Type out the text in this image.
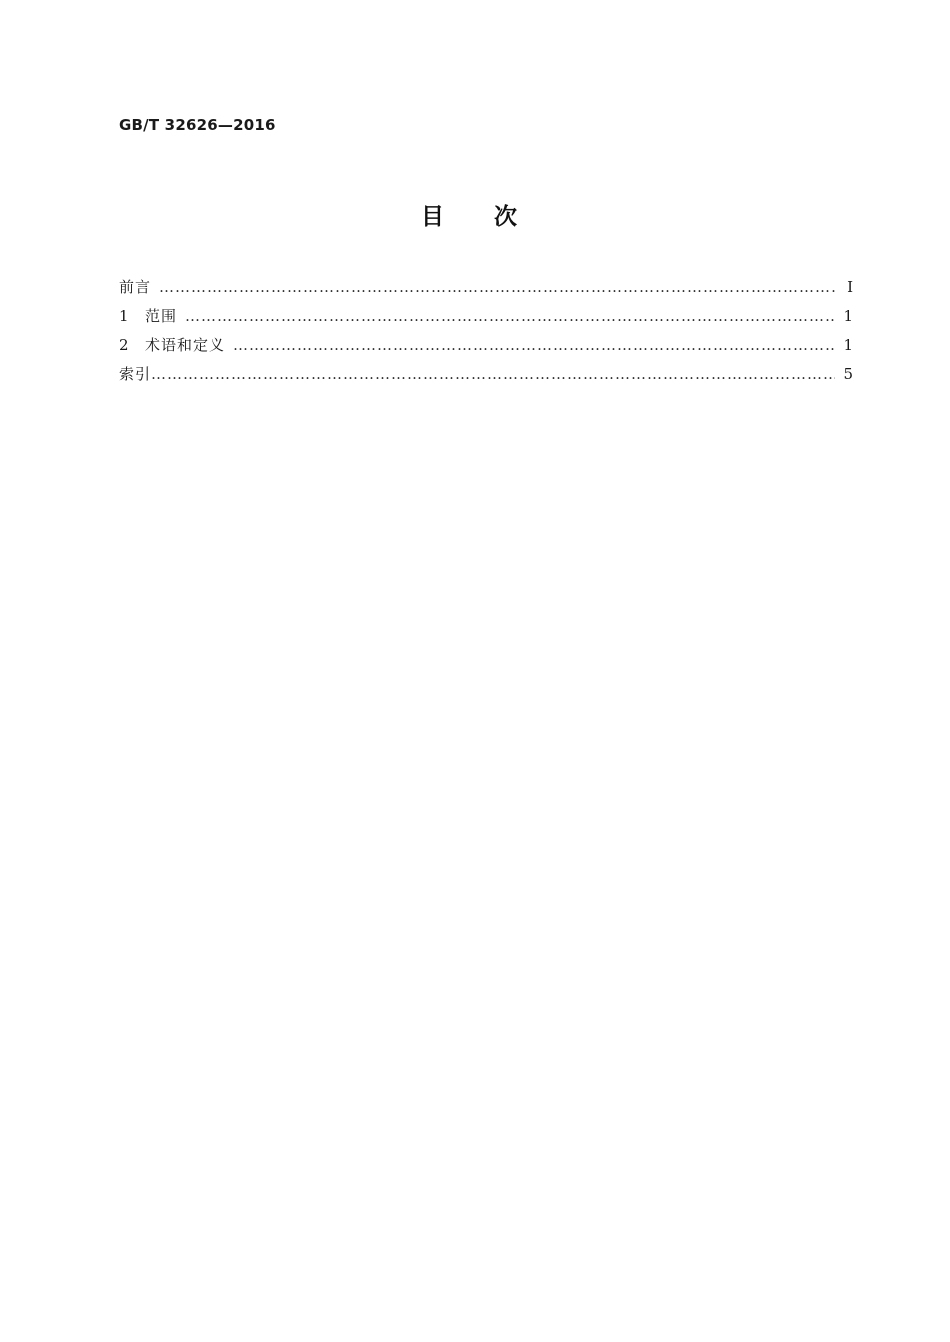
GB/T 32626—2016
目次
前言 …………………………………………………………………………………………………………………………………………………………………………………………………………………………………	Ⅰ
1	范围 …………………………………………………………………………………………………………………………………………………………………………………………………………………………………	1
2	术语和定义 …………………………………………………………………………………………………………………………………………………………………………………………………………………………………	1
索引 …………………………………………………………………………………………………………………………………………………………………………………………………………………………………	5
